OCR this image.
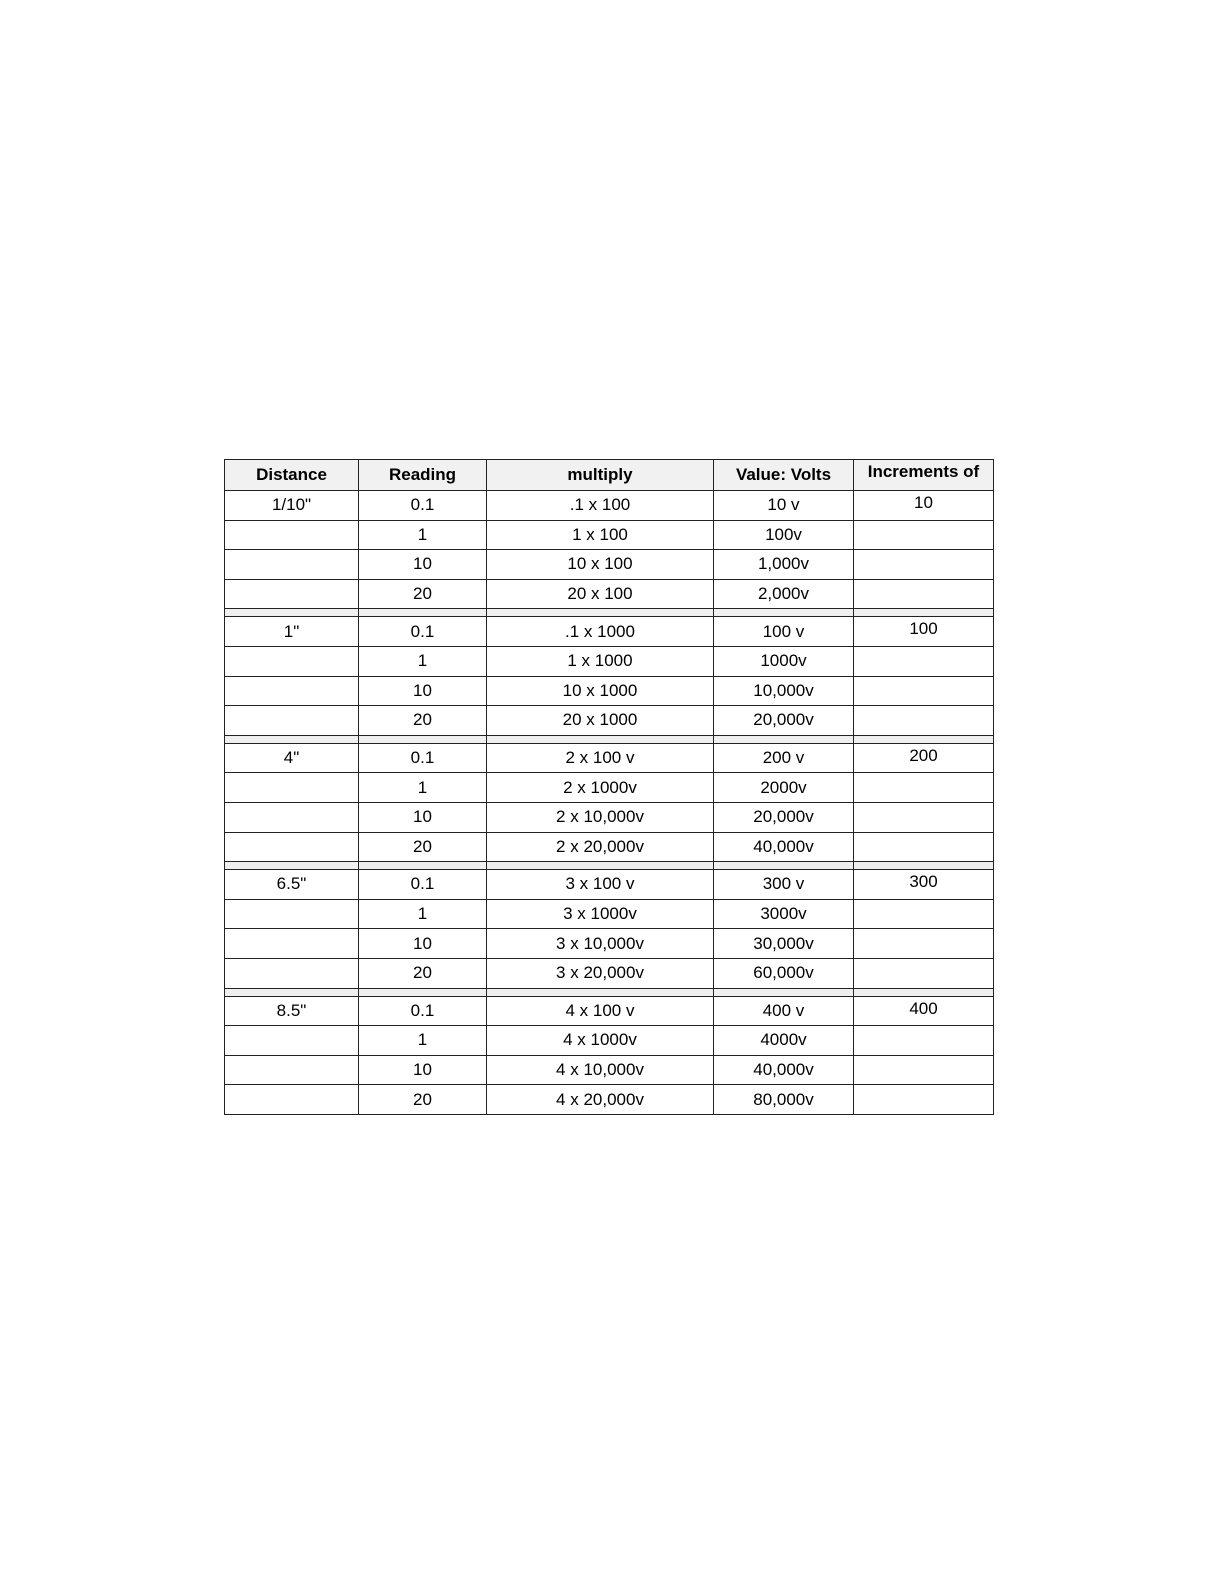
Distance	Reading	multiply	Value: Volts	Increments of
1/10"	0.1	.1 x 100	10 v	10
	1	1 x 100	100v	
	10	10 x 100	1,000v	
	20	20 x 100	2,000v	

1"	0.1	.1 x 1000	100 v	100
	1	1 x 1000	1000v	
	10	10 x 1000	10,000v	
	20	20 x 1000	20,000v	

4"	0.1	2 x 100 v	200 v	200
	1	2 x 1000v	2000v	
	10	2 x 10,000v	20,000v	
	20	2 x 20,000v	40,000v	

6.5"	0.1	3 x 100 v	300 v	300
	1	3 x 1000v	3000v	
	10	3 x 10,000v	30,000v	
	20	3 x 20,000v	60,000v	

8.5"	0.1	4 x 100 v	400 v	400
	1	4 x 1000v	4000v	
	10	4 x 10,000v	40,000v	
	20	4 x 20,000v	80,000v	
